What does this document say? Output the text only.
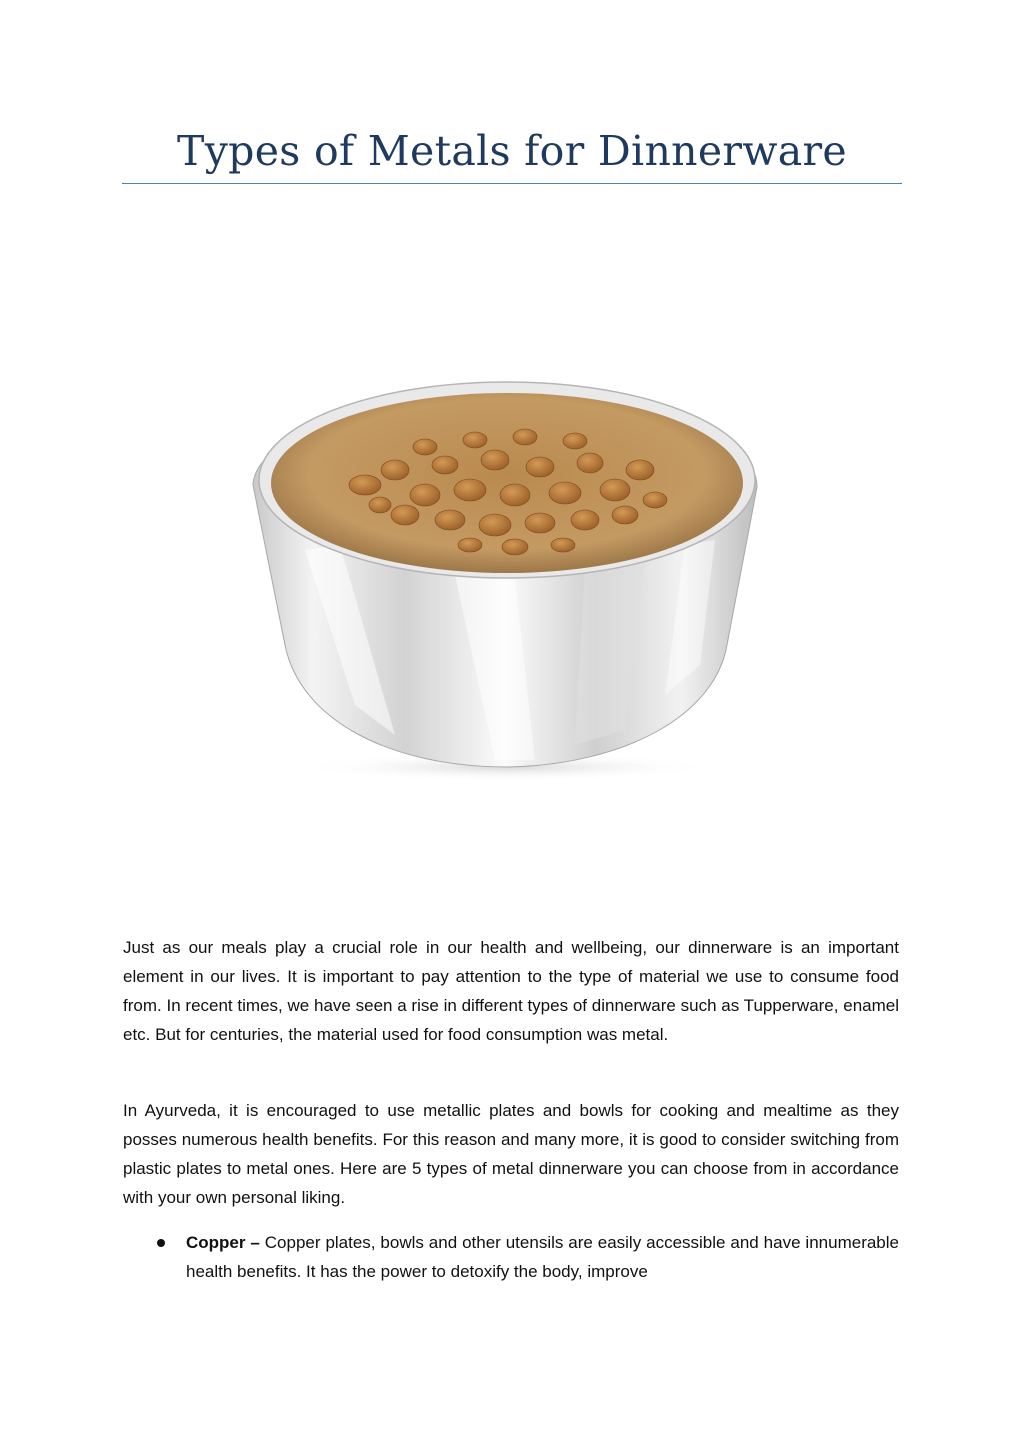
Types of Metals for Dinnerware

Just as our meals play a crucial role in our health and wellbeing, our dinnerware is an important element in our lives. It is important to pay attention to the type of material we use to consume food from. In recent times, we have seen a rise in different types of dinnerware such as Tupperware, enamel etc. But for centuries, the material used for food consumption was metal.

In Ayurveda, it is encouraged to use metallic plates and bowls for cooking and mealtime as they posses numerous health benefits. For this reason and many more, it is good to consider switching from plastic plates to metal ones. Here are 5 types of metal dinnerware you can choose from in accordance with your own personal liking.

Copper – Copper plates, bowls and other utensils are easily accessible and have innumerable health benefits. It has the power to detoxify the body, improve
